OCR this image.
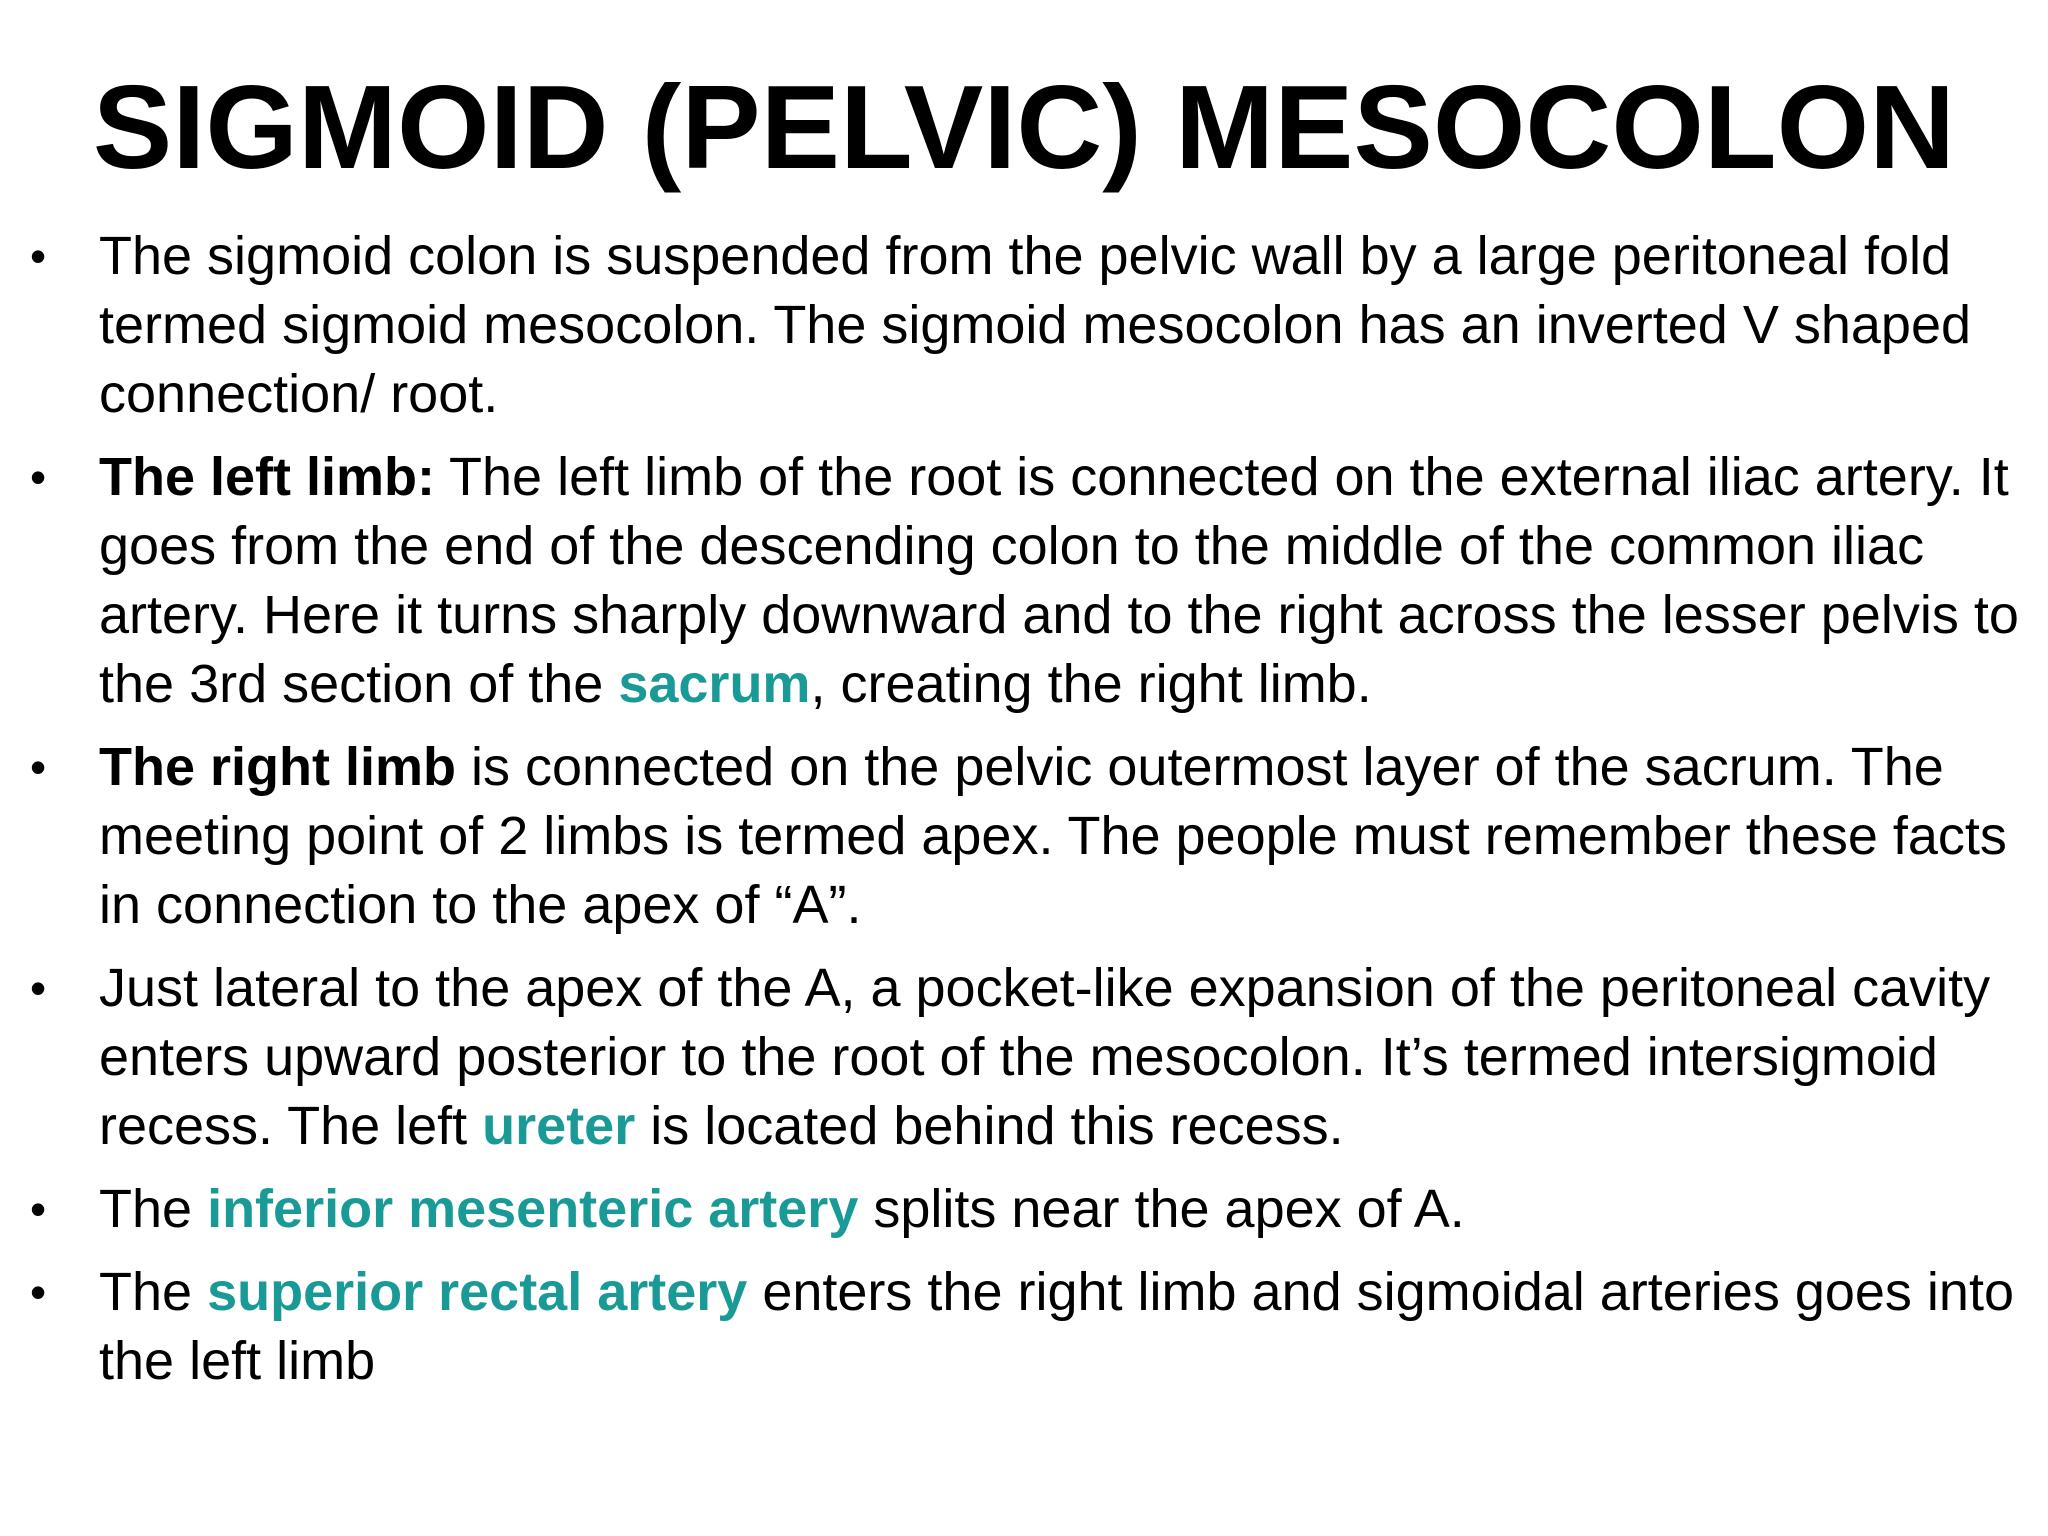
SIGMOID (PELVIC) MESOCOLON
• The sigmoid colon is suspended from the pelvic wall by a large peritoneal fold termed sigmoid mesocolon. The sigmoid mesocolon has an inverted V shaped connection/ root.
• The left limb: The left limb of the root is connected on the external iliac artery. It goes from the end of the descending colon to the middle of the common iliac artery. Here it turns sharply downward and to the right across the lesser pelvis to the 3rd section of the sacrum, creating the right limb.
• The right limb is connected on the pelvic outermost layer of the sacrum. The meeting point of 2 limbs is termed apex. The people must remember these facts in connection to the apex of “A”.
• Just lateral to the apex of the A, a pocket-like expansion of the peritoneal cavity enters upward posterior to the root of the mesocolon. It’s termed intersigmoid recess. The left ureter is located behind this recess.
• The inferior mesenteric artery splits near the apex of A.
• The superior rectal artery enters the right limb and sigmoidal arteries goes into the left limb
